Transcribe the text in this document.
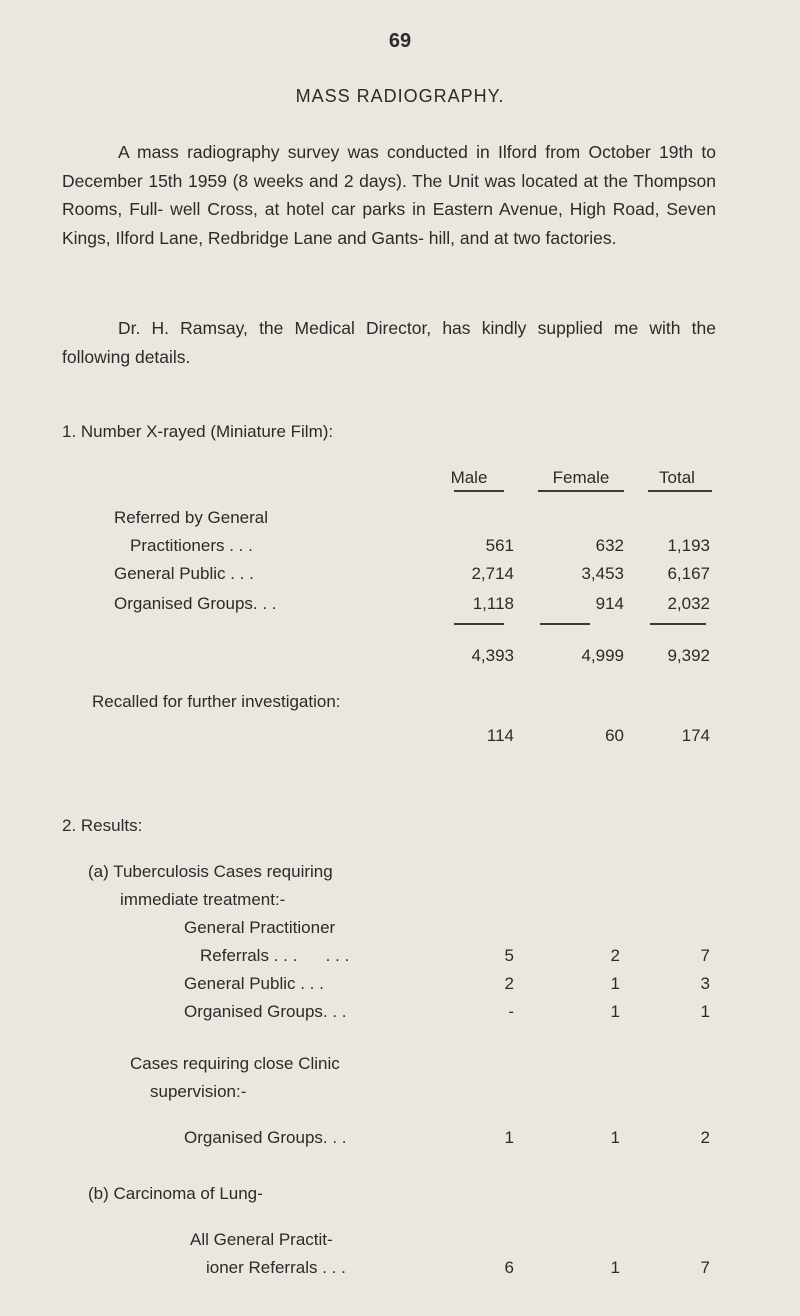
69
MASS RADIOGRAPHY.

A mass radiography survey was conducted in Ilford from October 19th to December 15th 1959 (8 weeks and 2 days). The Unit was located at the Thompson Rooms, Full- well Cross, at hotel car parks in Eastern Avenue, High Road, Seven Kings, Ilford Lane, Redbridge Lane and Gants- hill, and at two factories.

Dr. H. Ramsay, the Medical Director, has kindly supplied me with the following details.

1. Number X-rayed (Miniature Film):
Male	Female	Total
Referred by General
Practitioners . . .	561	632	1,193
General Public . . .	2,714	3,453	6,167
Organised Groups. . .	1,118	914	2,032
4,393	4,999	9,392
Recalled for further investigation:
114	60	174
2. Results:
(a) Tuberculosis Cases requiring
immediate treatment:-
General Practitioner
Referrals . . .      . . .	5	2	7
General Public . . .	2	1	3
Organised Groups. . .	-	1	1
Cases requiring close Clinic
supervision:-
Organised Groups. . .	1	1	2
(b) Carcinoma of Lung-
All General Practit-
ioner Referrals . . .	6	1	7
